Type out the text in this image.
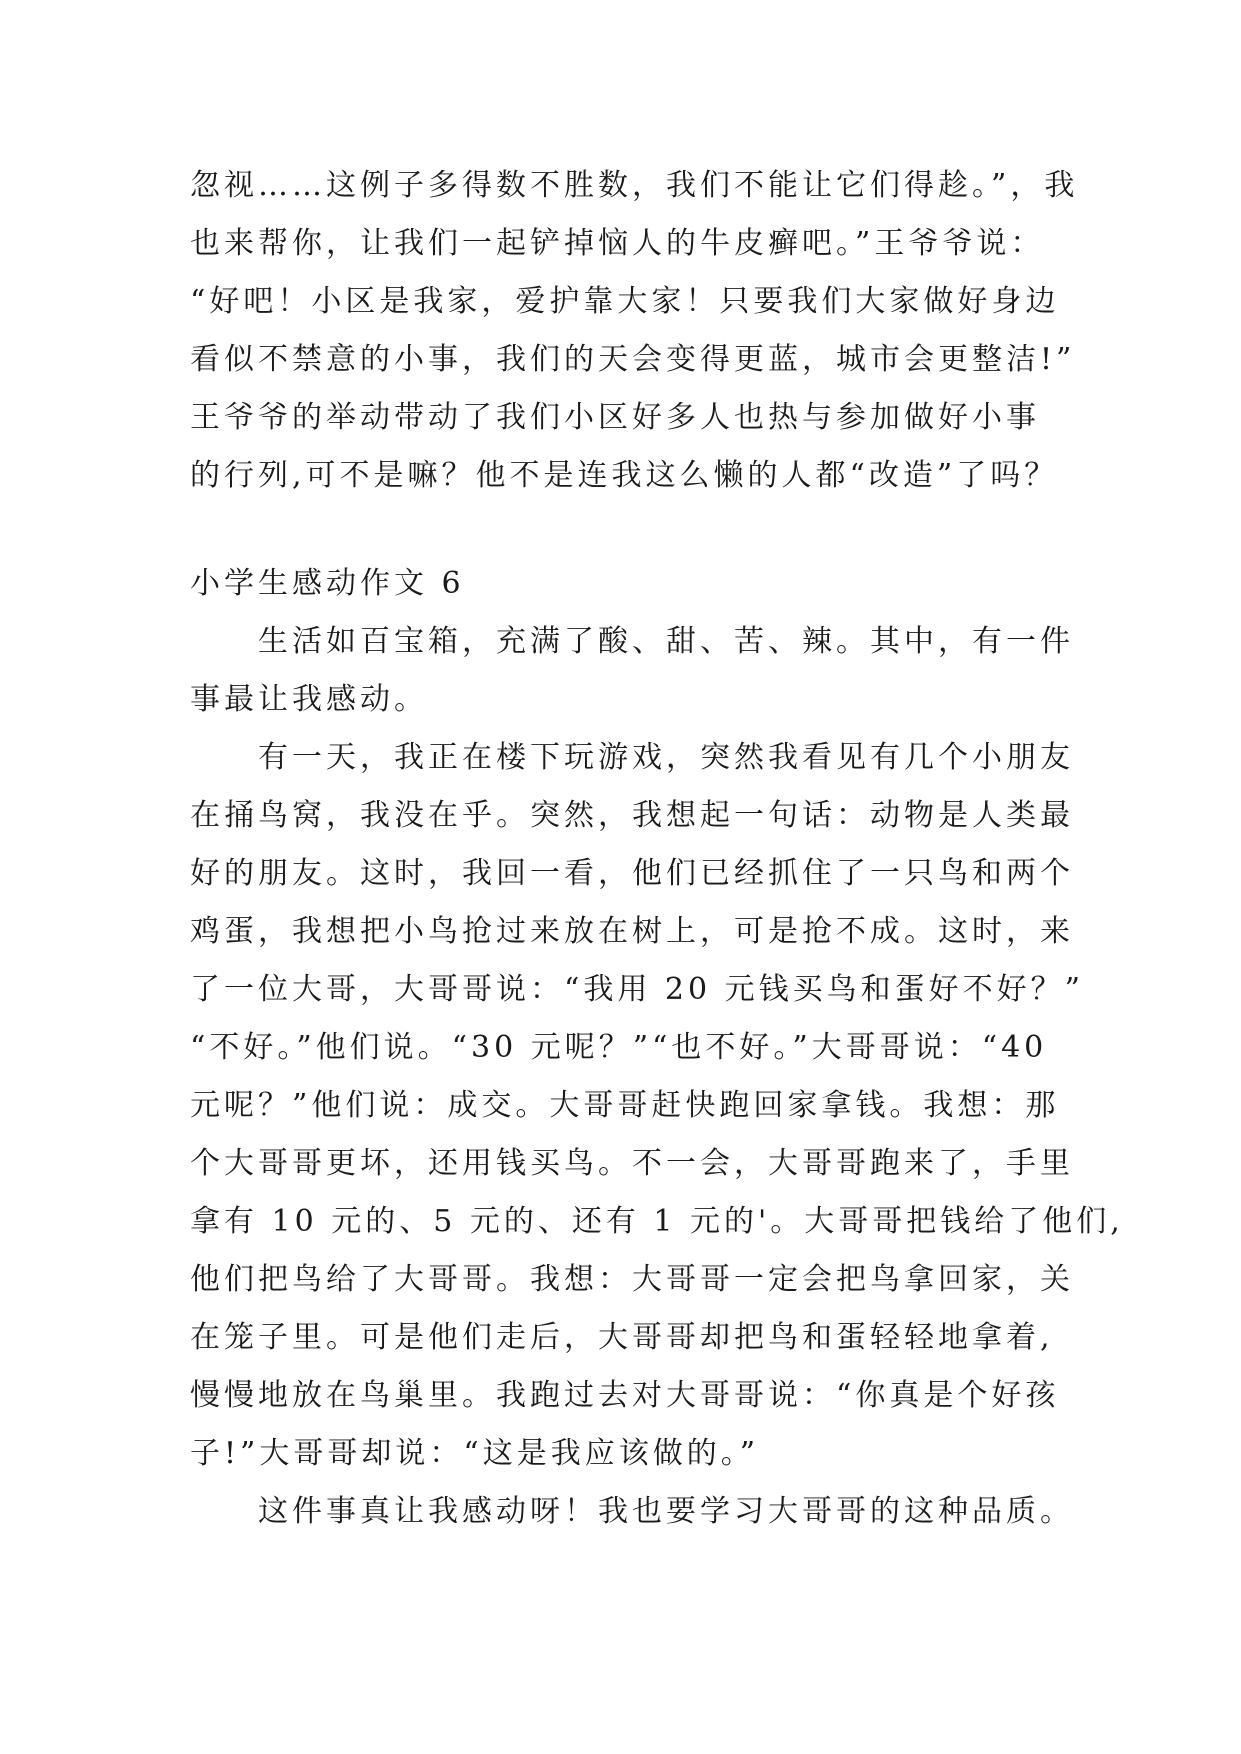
忽视……这例子多得数不胜数，我们不能让它们得趁。”，我
也来帮你，让我们一起铲掉恼人的牛皮癣吧。”王爷爷说：
“好吧！小区是我家，爱护靠大家！只要我们大家做好身边
看似不禁意的小事，我们的天会变得更蓝，城市会更整洁!”
王爷爷的举动带动了我们小区好多人也热与参加做好小事
的行列,可不是嘛？他不是连我这么懒的人都“改造”了吗？
小学生感动作文 6
生活如百宝箱，充满了酸、甜、苦、辣。其中，有一件
事最让我感动。
有一天，我正在楼下玩游戏，突然我看见有几个小朋友
在捅鸟窝，我没在乎。突然，我想起一句话：动物是人类最
好的朋友。这时，我回一看，他们已经抓住了一只鸟和两个
鸡蛋，我想把小鸟抢过来放在树上，可是抢不成。这时，来
了一位大哥，大哥哥说：“我用 20 元钱买鸟和蛋好不好？”
“不好。”他们说。“30 元呢？”“也不好。”大哥哥说：“40
元呢？”他们说：成交。大哥哥赶快跑回家拿钱。我想：那
个大哥哥更坏，还用钱买鸟。不一会，大哥哥跑来了，手里
拿有 10 元的、5 元的、还有 1 元的'。大哥哥把钱给了他们,
他们把鸟给了大哥哥。我想：大哥哥一定会把鸟拿回家，关
在笼子里。可是他们走后，大哥哥却把鸟和蛋轻轻地拿着,
慢慢地放在鸟巢里。我跑过去对大哥哥说：“你真是个好孩
子!”大哥哥却说：“这是我应该做的。”
这件事真让我感动呀！我也要学习大哥哥的这种品质。
